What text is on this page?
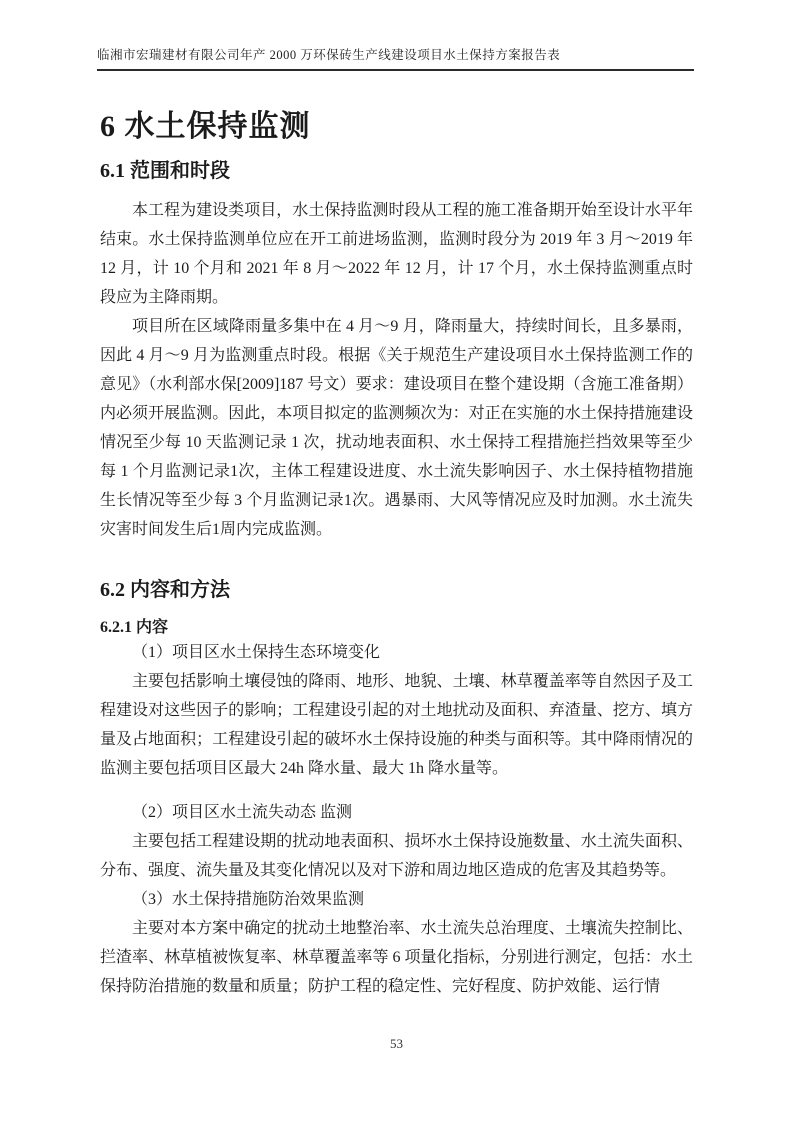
临湘市宏瑞建材有限公司年产 2000 万环保砖生产线建设项目水土保持方案报告表
6 水土保持监测
6.1 范围和时段

本工程为建设类项目，水土保持监测时段从工程的施工准备期开始至设计水平年结束。水土保持监测单位应在开工前进场监测，监测时段分为 2019 年 3 月～2019 年 12 月，计 10 个月和 2021 年 8 月～2022 年 12 月，计 17 个月，水土保持监测重点时段应为主降雨期。

项目所在区域降雨量多集中在 4 月～9 月，降雨量大，持续时间长，且多暴雨，因此 4 月～9 月为监测重点时段。根据《关于规范生产建设项目水土保持监测工作的意见》（水利部水保[2009]187 号文）要求：建设项目在整个建设期（含施工准备期）内必须开展监测。因此，本项目拟定的监测频次为：对正在实施的水土保持措施建设情况至少每 10 天监测记录 1 次，扰动地表面积、水土保持工程措施拦挡效果等至少每 1 个月监测记录1次，主体工程建设进度、水土流失影响因子、水土保持植物措施生长情况等至少每 3 个月监测记录1次。遇暴雨、大风等情况应及时加测。水土流失灾害时间发生后1周内完成监测。

6.2 内容和方法
6.2.1 内容

（1）项目区水土保持生态环境变化

主要包括影响土壤侵蚀的降雨、地形、地貌、土壤、林草覆盖率等自然因子及工程建设对这些因子的影响；工程建设引起的对土地扰动及面积、弃渣量、挖方、填方量及占地面积；工程建设引起的破坏水土保持设施的种类与面积等。其中降雨情况的监测主要包括项目区最大 24h 降水量、最大 1h 降水量等。

（2）项目区水土流失动态 监测

主要包括工程建设期的扰动地表面积、损坏水土保持设施数量、水土流失面积、分布、强度、流失量及其变化情况以及对下游和周边地区造成的危害及其趋势等。

（3）水土保持措施防治效果监测

主要对本方案中确定的扰动土地整治率、水土流失总治理度、土壤流失控制比、拦渣率、林草植被恢复率、林草覆盖率等 6 项量化指标，分别进行测定，包括：水土保持防治措施的数量和质量；防护工程的稳定性、完好程度、防护效能、运行情

53
